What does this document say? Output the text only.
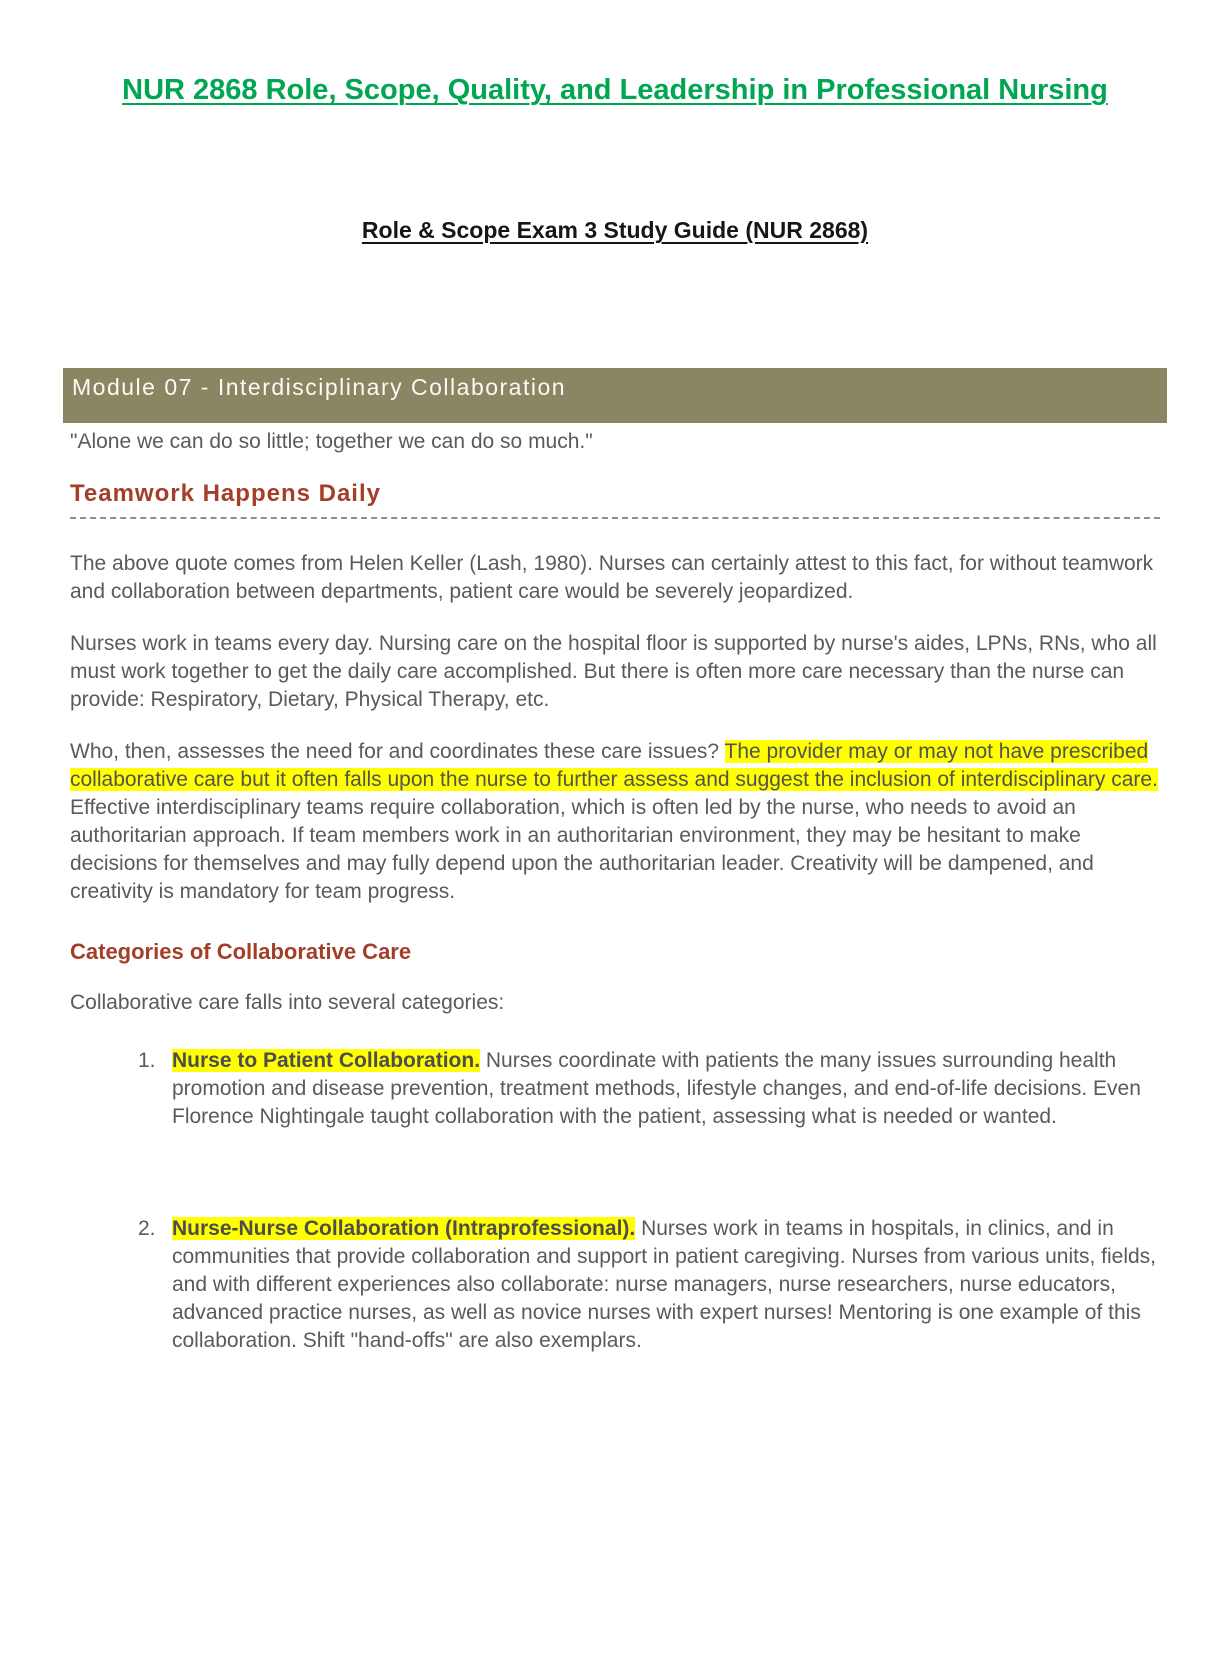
NUR 2868 Role, Scope, Quality, and Leadership in Professional Nursing
Role & Scope Exam 3 Study Guide (NUR 2868)
Module 07 - Interdisciplinary Collaboration

"Alone we can do so little; together we can do so much."

Teamwork Happens Daily

The above quote comes from Helen Keller (Lash, 1980). Nurses can certainly attest to this fact, for without teamwork and collaboration between departments, patient care would be severely jeopardized.

Nurses work in teams every day. Nursing care on the hospital floor is supported by nurse's aides, LPNs, RNs, who all must work together to get the daily care accomplished. But there is often more care necessary than the nurse can provide: Respiratory, Dietary, Physical Therapy, etc.

Who, then, assesses the need for and coordinates these care issues? The provider may or may not have prescribed collaborative care but it often falls upon the nurse to further assess and suggest the inclusion of interdisciplinary care. Effective interdisciplinary teams require collaboration, which is often led by the nurse, who needs to avoid an authoritarian approach. If team members work in an authoritarian environment, they may be hesitant to make decisions for themselves and may fully depend upon the authoritarian leader. Creativity will be dampened, and creativity is mandatory for team progress.

Categories of Collaborative Care

Collaborative care falls into several categories:

1. Nurse to Patient Collaboration. Nurses coordinate with patients the many issues surrounding health promotion and disease prevention, treatment methods, lifestyle changes, and end-of-life decisions. Even Florence Nightingale taught collaboration with the patient, assessing what is needed or wanted.
2. Nurse-Nurse Collaboration (Intraprofessional). Nurses work in teams in hospitals, in clinics, and in communities that provide collaboration and support in patient caregiving. Nurses from various units, fields, and with different experiences also collaborate: nurse managers, nurse researchers, nurse educators, advanced practice nurses, as well as novice nurses with expert nurses! Mentoring is one example of this collaboration. Shift "hand-offs" are also exemplars.
